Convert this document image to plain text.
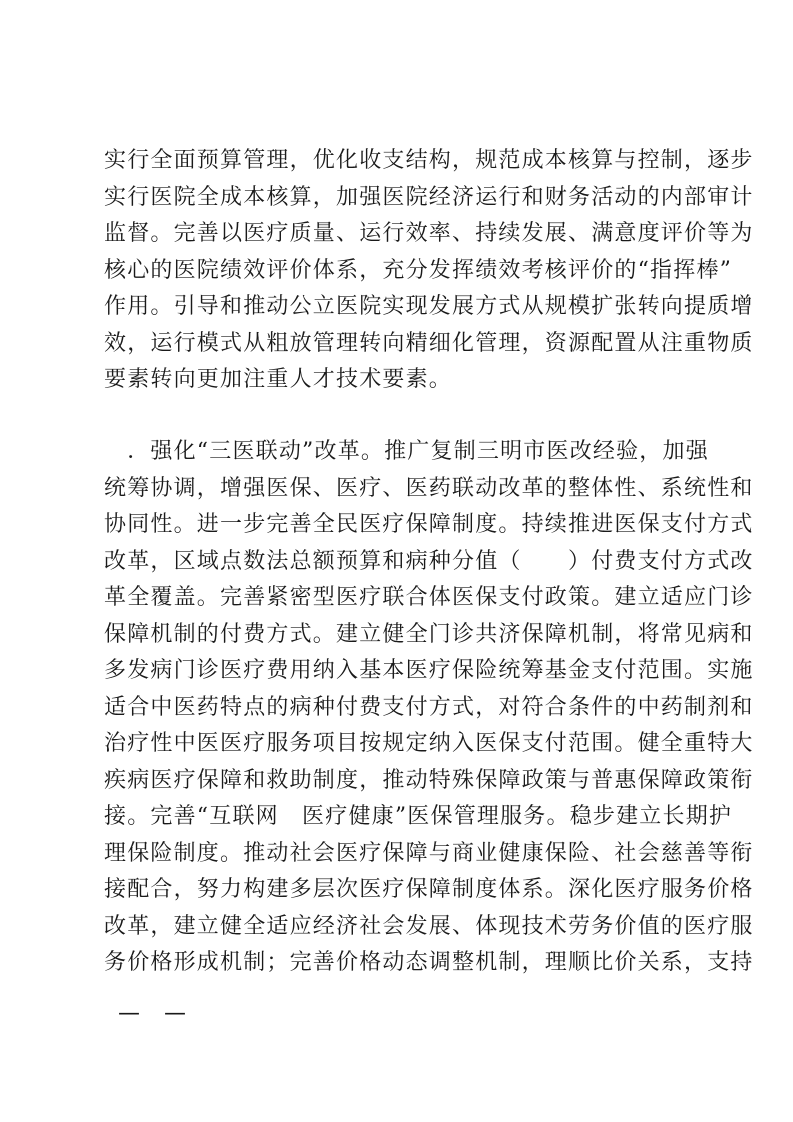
实行全面预算管理，优化收支结构，规范成本核算与控制，逐步
实行医院全成本核算，加强医院经济运行和财务活动的内部审计
监督。完善以医疗质量、运行效率、持续发展、满意度评价等为
核心的医院绩效评价体系，充分发挥绩效考核评价的“指挥棒”
作用。引导和推动公立医院实现发展方式从规模扩张转向提质增
效，运行模式从粗放管理转向精细化管理，资源配置从注重物质
要素转向更加注重人才技术要素。
　．强化“三医联动”改革。推广复制三明市医改经验，加强
统筹协调，增强医保、医疗、医药联动改革的整体性、系统性和
协同性。进一步完善全民医疗保障制度。持续推进医保支付方式
改革，区域点数法总额预算和病种分值（　　）付费支付方式改
革全覆盖。完善紧密型医疗联合体医保支付政策。建立适应门诊
保障机制的付费方式。建立健全门诊共济保障机制，将常见病和
多发病门诊医疗费用纳入基本医疗保险统筹基金支付范围。实施
适合中医药特点的病种付费支付方式，对符合条件的中药制剂和
治疗性中医医疗服务项目按规定纳入医保支付范围。健全重特大
疾病医疗保障和救助制度，推动特殊保障政策与普惠保障政策衔
接。完善“互联网　医疗健康”医保管理服务。稳步建立长期护
理保险制度。推动社会医疗保障与商业健康保险、社会慈善等衔
接配合，努力构建多层次医疗保障制度体系。深化医疗服务价格
改革，建立健全适应经济社会发展、体现技术劳务价值的医疗服
务价格形成机制；完善价格动态调整机制，理顺比价关系，支持
——
